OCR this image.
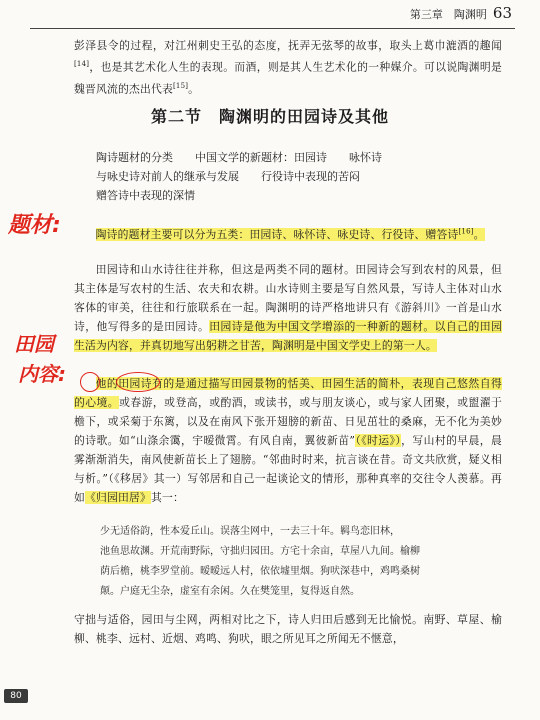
第三章　陶渊明 63
彭泽县令的过程，对江州刺史王弘的态度，抚弄无弦琴的故事，取头上葛巾漉酒的趣闻[14]，也是其艺术化人生的表现。而酒，则是其人生艺术化的一种媒介。可以说陶渊明是魏晋风流的杰出代表[15]。
第二节　陶渊明的田园诗及其他
陶诗题材的分类 中国文学的新题材：田园诗 咏怀诗
与咏史诗对前人的继承与发展 行役诗中表现的苦闷
赠答诗中表现的深情
陶诗的题材主要可以分为五类：田园诗、咏怀诗、咏史诗、行役诗、赠答诗[16]。
田园诗和山水诗往往并称，但这是两类不同的题材。田园诗会写到农村的风景，但其主体是写农村的生活、农夫和农耕。山水诗则主要是写自然风景，写诗人主体对山水客体的审美，往往和行旅联系在一起。陶渊明的诗严格地讲只有《游斜川》一首是山水诗，他写得多的是田园诗。田园诗是他为中国文学增添的一种新的题材。以自己的田园生活为内容，并真切地写出躬耕之甘苦，陶渊明是中国文学史上的第一人。
他的田园诗有的是通过描写田园景物的恬美、田园生活的简朴，表现自己悠然自得的心境。或春游，或登高，或酌酒，或读书，或与朋友谈心，或与家人团聚，或盥濯于檐下，或采菊于东篱，以及在南风下张开翅膀的新苗、日见茁壮的桑麻，无不化为美妙的诗歌。如“山涤余霭，宇暧微霄。有风自南，翼彼新苗”（《时运》），写山村的早晨，晨雾渐渐消失，南风使新苗长上了翅膀。“邻曲时时来，抗言谈在昔。奇文共欣赏，疑义相与析。”（《移居》其一）写邻居和自己一起谈论文的情形，那种真率的交往令人羡慕。再如《归园田居》其一：
少无适俗韵，性本爱丘山。误落尘网中，一去三十年。羁鸟恋旧林，
池鱼思故渊。开荒南野际，守拙归园田。方宅十余亩，草屋八九间。榆柳
荫后檐，桃李罗堂前。暧暧远人村，依依墟里烟。狗吠深巷中，鸡鸣桑树
颠。户庭无尘杂，虚室有余闲。久在樊笼里，复得返自然。
守拙与适俗，园田与尘网，两相对比之下，诗人归田后感到无比愉悦。南野、草屋、榆柳、桃李、远村、近烟、鸡鸣、狗吠，眼之所见耳之所闻无不惬意，
题材:
田园
内容:
80
